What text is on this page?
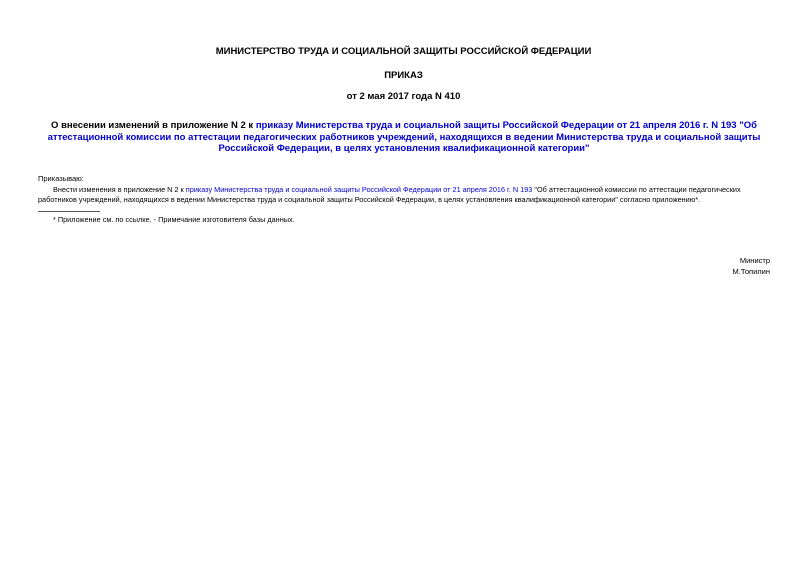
МИНИСТЕРСТВО ТРУДА И СОЦИАЛЬНОЙ ЗАЩИТЫ РОССИЙСКОЙ ФЕДЕРАЦИИ

ПРИКАЗ

от 2 мая 2017 года N 410

О внесении изменений в приложение N 2 к приказу Министерства труда и социальной защиты Российской Федерации от 21 апреля 2016 г. N 193 "Об аттестационной комиссии по аттестации педагогических работников учреждений, находящихся в ведении Министерства труда и социальной защиты Российской Федерации, в целях установления квалификационной категории"

Приказываю:

Внести изменения в приложение N 2 к приказу Министерства труда и социальной защиты Российской Федерации от 21 апреля 2016 г. N 193 "Об аттестационной комиссии по аттестации педагогических работников учреждений, находящихся в ведении Министерства труда и социальной защиты Российской Федерации, в целях установления квалификационной категории" согласно приложению*.

* Приложение см. по ссылке. - Примечание изготовителя базы данных.

Министр

М.Топилин
